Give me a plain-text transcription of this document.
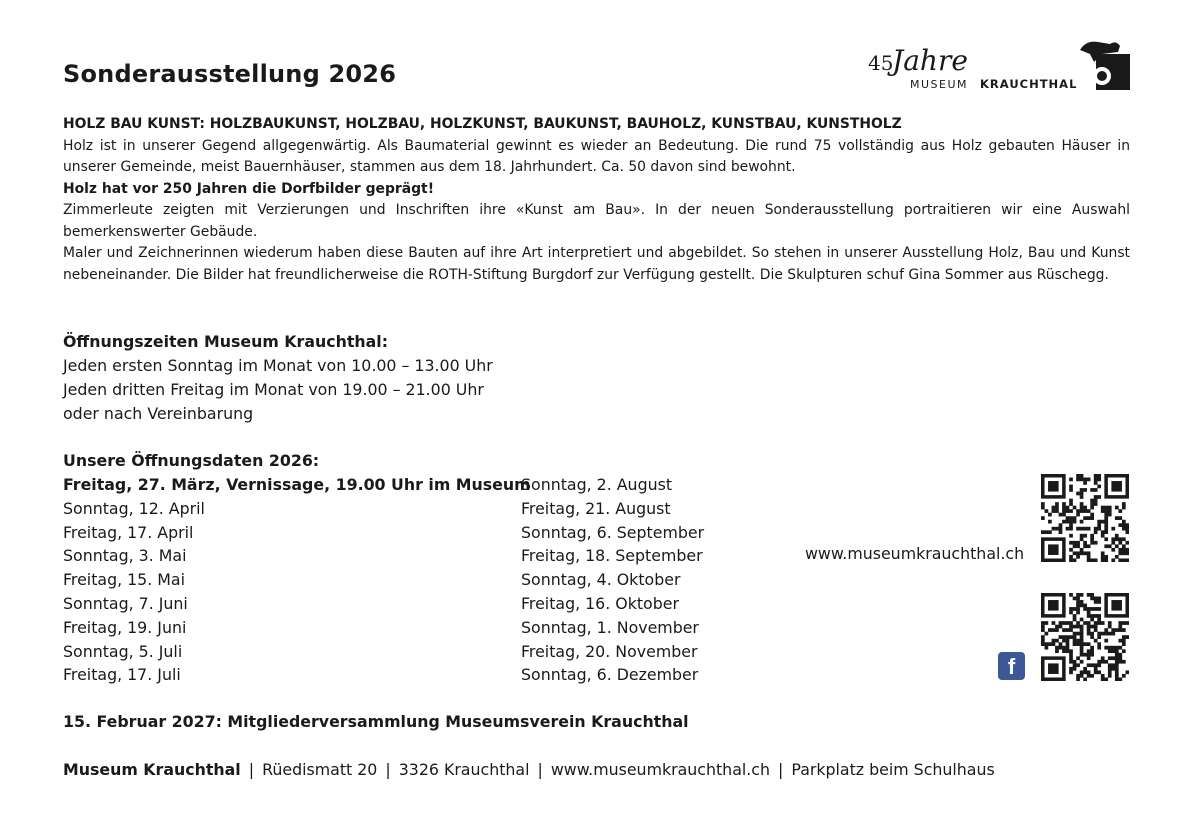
Sonderausstellung 2026	45
Jahre
MUSEUM KRAUCHTHAL

HOLZ BAU KUNST: HOLZBAUKUNST, HOLZBAU, HOLZKUNST, BAUKUNST, BAUHOLZ, KUNSTBAU, KUNSTHOLZ

Holz ist in unserer Gegend allgegenwärtig. Als Baumaterial gewinnt es wieder an Bedeutung. Die rund 75 vollständig aus Holz gebauten Häuser in unserer Gemeinde, meist Bauernhäuser, stammen aus dem 18. Jahrhundert. Ca. 50 davon sind bewohnt.

Holz hat vor 250 Jahren die Dorfbilder geprägt!

Zimmerleute zeigten mit Verzierungen und Inschriften ihre «Kunst am Bau». In der neuen Sonderausstellung portraitieren wir eine Auswahl bemerkenswerter Gebäude.

Maler und Zeichnerinnen wiederum haben diese Bauten auf ihre Art interpretiert und abgebildet. So stehen in unserer Ausstellung Holz, Bau und Kunst nebeneinander. Die Bilder hat freundlicherweise die ROTH-Stiftung Burgdorf zur Verfügung gestellt. Die Skulpturen schuf Gina Sommer aus Rüschegg.

Öffnungszeiten Museum Krauchthal:
Jeden ersten Sonntag im Monat von 10.00 – 13.00 Uhr
Jeden dritten Freitag im Monat von 19.00 – 21.00 Uhr
oder nach Vereinbarung
Unsere Öffnungsdaten 2026:
Freitag, 27. März, Vernissage, 19.00 Uhr im Museum
Sonntag, 12. April
Freitag, 17. April
Sonntag, 3. Mai
Freitag, 15. Mai
Sonntag, 7. Juni
Freitag, 19. Juni
Sonntag, 5. Juli
Freitag, 17. Juli
Sonntag, 2. August
Freitag, 21. August
Sonntag, 6. September
Freitag, 18. September
Sonntag, 4. Oktober
Freitag, 16. Oktober
Sonntag, 1. November
Freitag, 20. November
Sonntag, 6. Dezember
www.museumkrauchthal.ch
f
15. Februar 2027: Mitgliederversammlung Museumsverein Krauchthal
Museum Krauchthal | Rüedismatt 20 | 3326 Krauchthal | www.museumkrauchthal.ch | Parkplatz beim Schulhaus
